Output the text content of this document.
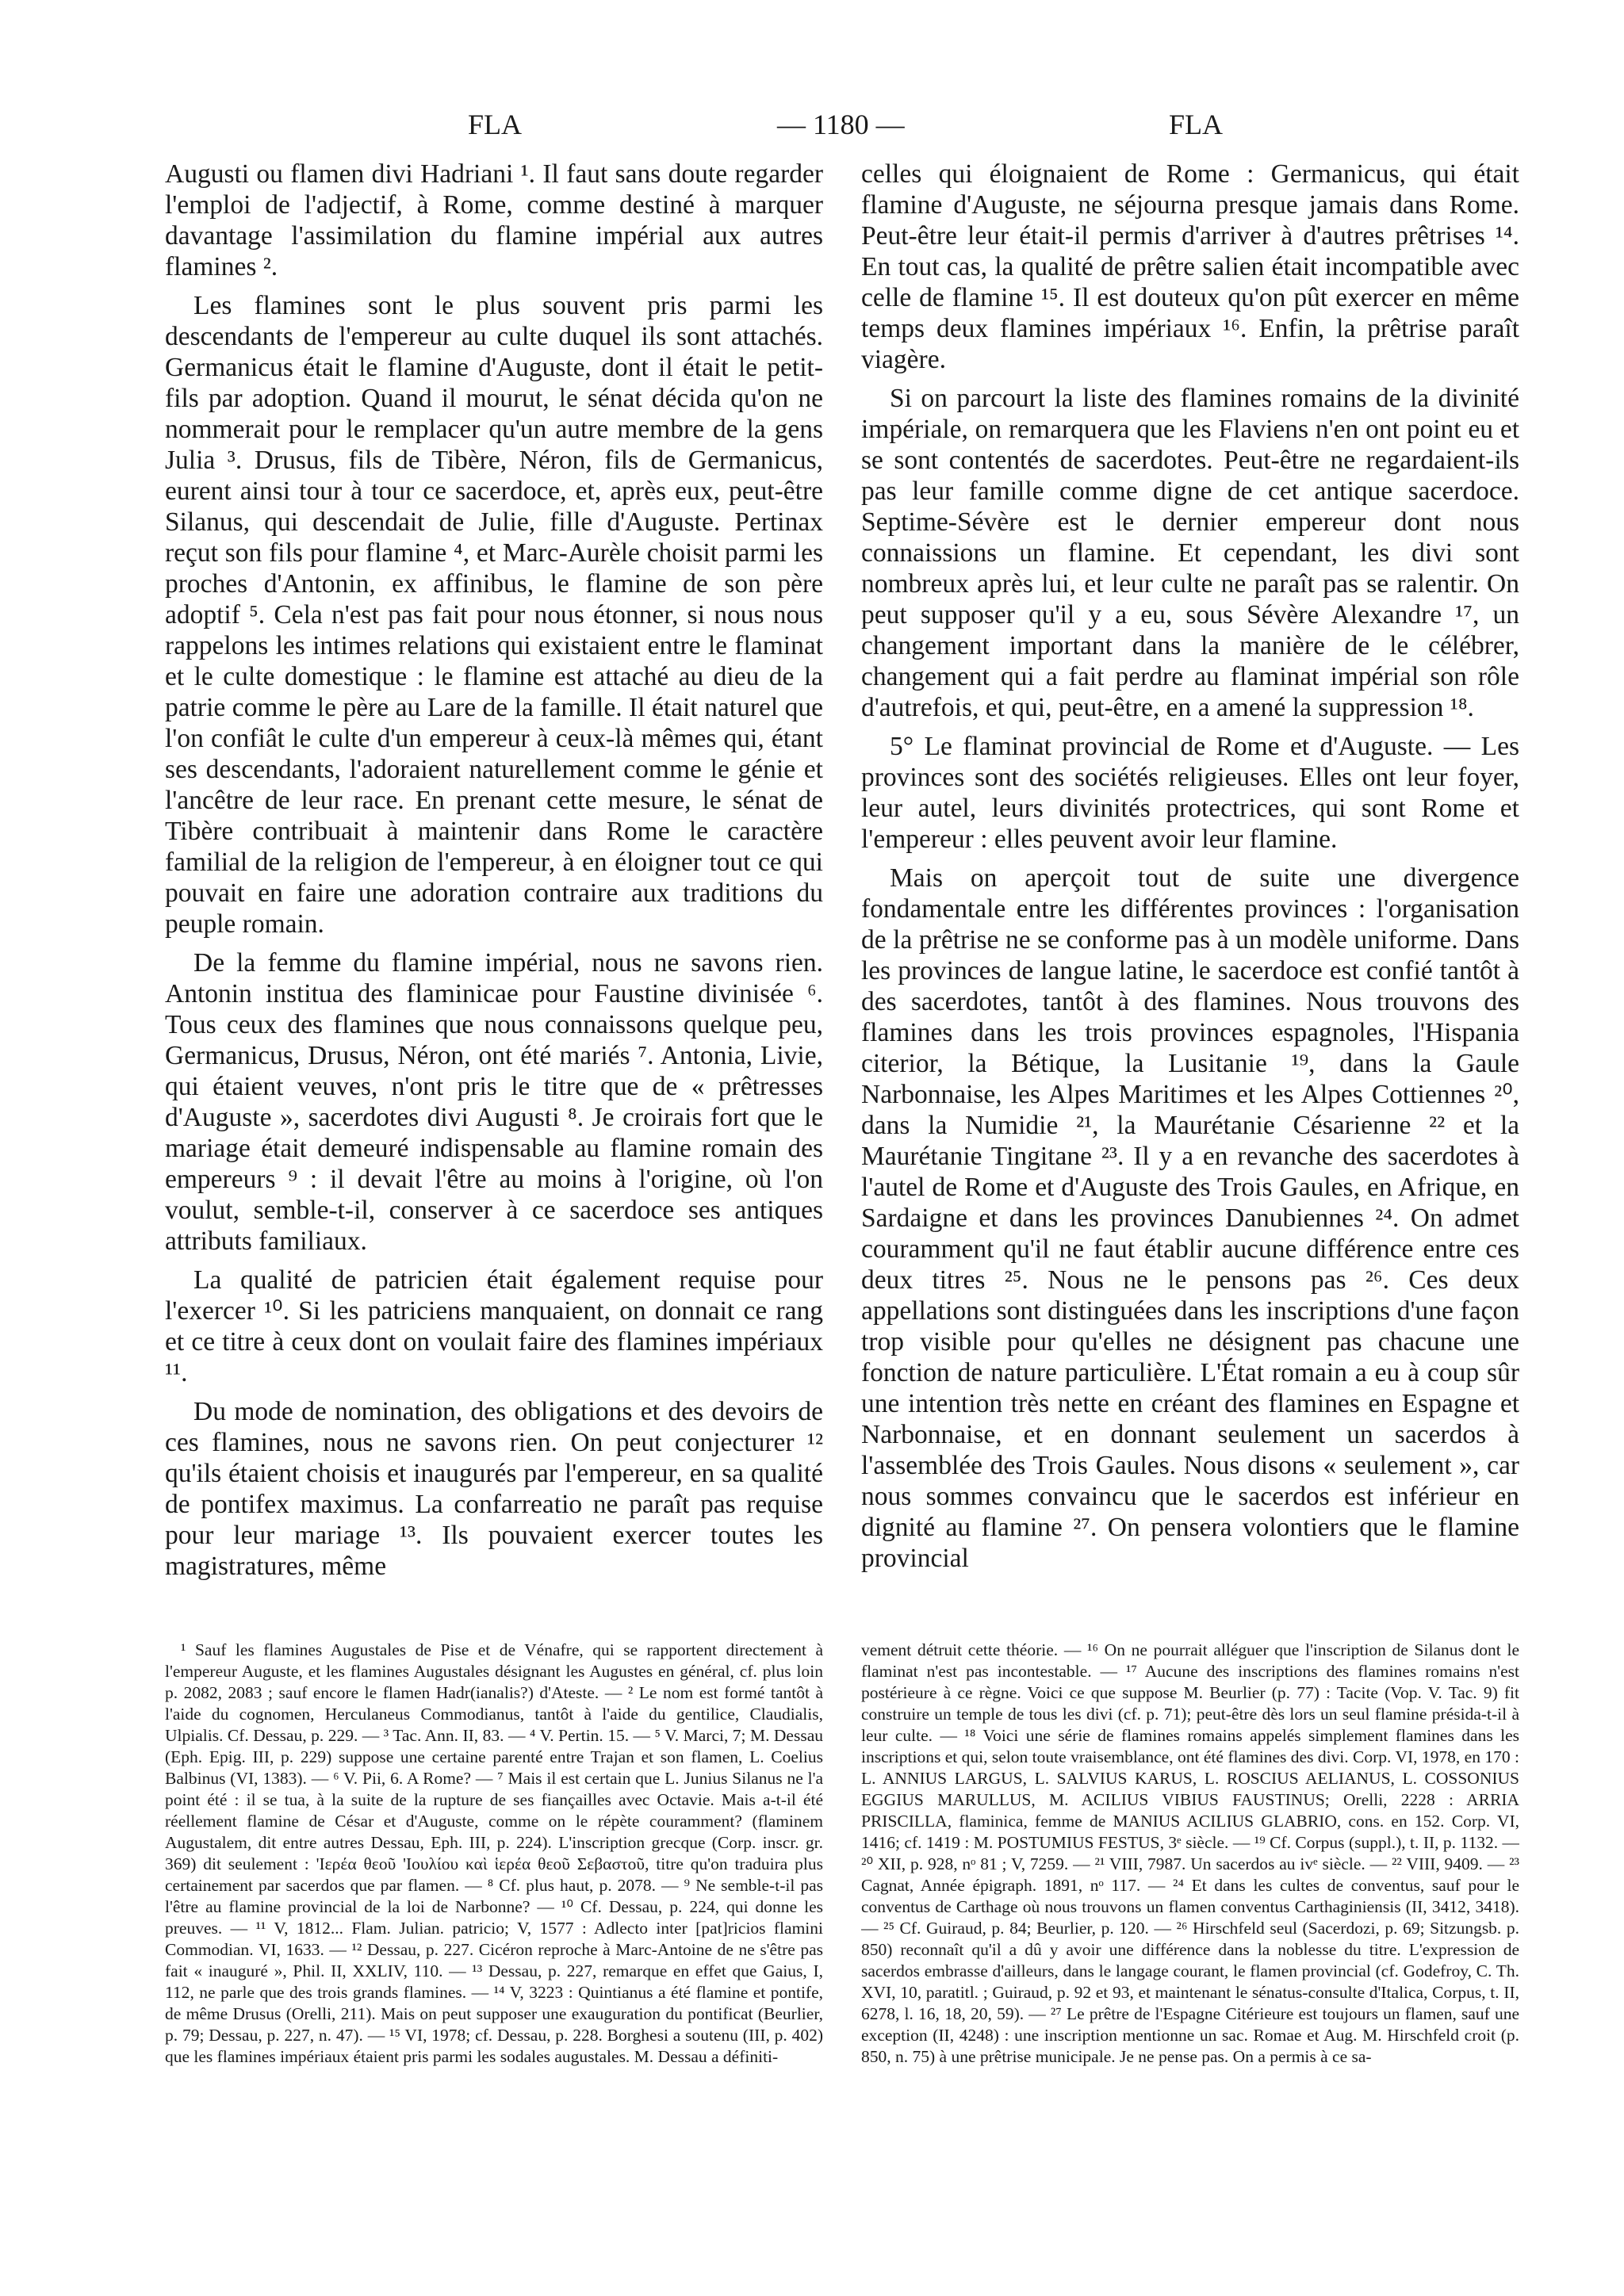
FLA	— 1180 —	FLA

Augusti ou flamen divi Hadriani ¹. Il faut sans doute regarder l'emploi de l'adjectif, à Rome, comme destiné à marquer davantage l'assimilation du flamine impérial aux autres flamines ².

Les flamines sont le plus souvent pris parmi les descendants de l'empereur au culte duquel ils sont attachés. Germanicus était le flamine d'Auguste, dont il était le petit-fils par adoption. Quand il mourut, le sénat décida qu'on ne nommerait pour le remplacer qu'un autre membre de la gens Julia ³. Drusus, fils de Tibère, Néron, fils de Germanicus, eurent ainsi tour à tour ce sacerdoce, et, après eux, peut-être Silanus, qui descendait de Julie, fille d'Auguste. Pertinax reçut son fils pour flamine ⁴, et Marc-Aurèle choisit parmi les proches d'Antonin, ex affinibus, le flamine de son père adoptif ⁵. Cela n'est pas fait pour nous étonner, si nous nous rappelons les intimes relations qui existaient entre le flaminat et le culte domestique : le flamine est attaché au dieu de la patrie comme le père au Lare de la famille. Il était naturel que l'on confiât le culte d'un empereur à ceux-là mêmes qui, étant ses descendants, l'adoraient naturellement comme le génie et l'ancêtre de leur race. En prenant cette mesure, le sénat de Tibère contribuait à maintenir dans Rome le caractère familial de la religion de l'empereur, à en éloigner tout ce qui pouvait en faire une adoration contraire aux traditions du peuple romain.

De la femme du flamine impérial, nous ne savons rien. Antonin institua des flaminicae pour Faustine divinisée ⁶. Tous ceux des flamines que nous connaissons quelque peu, Germanicus, Drusus, Néron, ont été mariés ⁷. Antonia, Livie, qui étaient veuves, n'ont pris le titre que de « prêtresses d'Auguste », sacerdotes divi Augusti ⁸. Je croirais fort que le mariage était demeuré indispensable au flamine romain des empereurs ⁹ : il devait l'être au moins à l'origine, où l'on voulut, semble-t-il, conserver à ce sacerdoce ses antiques attributs familiaux.

La qualité de patricien était également requise pour l'exercer ¹⁰. Si les patriciens manquaient, on donnait ce rang et ce titre à ceux dont on voulait faire des flamines impériaux ¹¹.

Du mode de nomination, des obligations et des devoirs de ces flamines, nous ne savons rien. On peut conjecturer ¹² qu'ils étaient choisis et inaugurés par l'empereur, en sa qualité de pontifex maximus. La confarreatio ne paraît pas requise pour leur mariage ¹³. Ils pouvaient exercer toutes les magistratures, même

celles qui éloignaient de Rome : Germanicus, qui était flamine d'Auguste, ne séjourna presque jamais dans Rome. Peut-être leur était-il permis d'arriver à d'autres prêtrises ¹⁴. En tout cas, la qualité de prêtre salien était incompatible avec celle de flamine ¹⁵. Il est douteux qu'on pût exercer en même temps deux flamines impériaux ¹⁶. Enfin, la prêtrise paraît viagère.

Si on parcourt la liste des flamines romains de la divinité impériale, on remarquera que les Flaviens n'en ont point eu et se sont contentés de sacerdotes. Peut-être ne regardaient-ils pas leur famille comme digne de cet antique sacerdoce. Septime-Sévère est le dernier empereur dont nous connaissions un flamine. Et cependant, les divi sont nombreux après lui, et leur culte ne paraît pas se ralentir. On peut supposer qu'il y a eu, sous Sévère Alexandre ¹⁷, un changement important dans la manière de le célébrer, changement qui a fait perdre au flaminat impérial son rôle d'autrefois, et qui, peut-être, en a amené la suppression ¹⁸.

5° Le flaminat provincial de Rome et d'Auguste. — Les provinces sont des sociétés religieuses. Elles ont leur foyer, leur autel, leurs divinités protectrices, qui sont Rome et l'empereur : elles peuvent avoir leur flamine.

Mais on aperçoit tout de suite une divergence fondamentale entre les différentes provinces : l'organisation de la prêtrise ne se conforme pas à un modèle uniforme. Dans les provinces de langue latine, le sacerdoce est confié tantôt à des sacerdotes, tantôt à des flamines. Nous trouvons des flamines dans les trois provinces espagnoles, l'Hispania citerior, la Bétique, la Lusitanie ¹⁹, dans la Gaule Narbonnaise, les Alpes Maritimes et les Alpes Cottiennes ²⁰, dans la Numidie ²¹, la Maurétanie Césarienne ²² et la Maurétanie Tingitane ²³. Il y a en revanche des sacerdotes à l'autel de Rome et d'Auguste des Trois Gaules, en Afrique, en Sardaigne et dans les provinces Danubiennes ²⁴. On admet couramment qu'il ne faut établir aucune différence entre ces deux titres ²⁵. Nous ne le pensons pas ²⁶. Ces deux appellations sont distinguées dans les inscriptions d'une façon trop visible pour qu'elles ne désignent pas chacune une fonction de nature particulière. L'État romain a eu à coup sûr une intention très nette en créant des flamines en Espagne et Narbonnaise, et en donnant seulement un sacerdos à l'assemblée des Trois Gaules. Nous disons « seulement », car nous sommes convaincu que le sacerdos est inférieur en dignité au flamine ²⁷. On pensera volontiers que le flamine provincial

¹ Sauf les flamines Augustales de Pise et de Vénafre, qui se rapportent directement à l'empereur Auguste, et les flamines Augustales désignant les Augustes en général, cf. plus loin p. 2082, 2083 ; sauf encore le flamen Hadr(ianalis?) d'Ateste. — ² Le nom est formé tantôt à l'aide du cognomen, Herculaneus Commodianus, tantôt à l'aide du gentilice, Claudialis, Ulpialis. Cf. Dessau, p. 229. — ³ Tac. Ann. II, 83. — ⁴ V. Pertin. 15. — ⁵ V. Marci, 7; M. Dessau (Eph. Epig. III, p. 229) suppose une certaine parenté entre Trajan et son flamen, L. Coelius Balbinus (VI, 1383). — ⁶ V. Pii, 6. A Rome? — ⁷ Mais il est certain que L. Junius Silanus ne l'a point été : il se tua, à la suite de la rupture de ses fiançailles avec Octavie. Mais a-t-il été réellement flamine de César et d'Auguste, comme on le répète couramment? (flaminem Augustalem, dit entre autres Dessau, Eph. III, p. 224). L'inscription grecque (Corp. inscr. gr. 369) dit seulement : 'Ιερέα θεοῦ 'Ιουλίου καὶ ἱερέα θεοῦ Σεβαστοῦ, titre qu'on traduira plus certainement par sacerdos que par flamen. — ⁸ Cf. plus haut, p. 2078. — ⁹ Ne semble-t-il pas l'être au flamine provincial de la loi de Narbonne? — ¹⁰ Cf. Dessau, p. 224, qui donne les preuves. — ¹¹ V, 1812... Flam. Julian. patricio; V, 1577 : Adlecto inter [pat]ricios flamini Commodian. VI, 1633. — ¹² Dessau, p. 227. Cicéron reproche à Marc-Antoine de ne s'être pas fait « inauguré », Phil. II, XXLIV, 110. — ¹³ Dessau, p. 227, remarque en effet que Gaius, I, 112, ne parle que des trois grands flamines. — ¹⁴ V, 3223 : Quintianus a été flamine et pontife, de même Drusus (Orelli, 211). Mais on peut supposer une exauguration du pontificat (Beurlier, p. 79; Dessau, p. 227, n. 47). — ¹⁵ VI, 1978; cf. Dessau, p. 228. Borghesi a soutenu (III, p. 402) que les flamines impériaux étaient pris parmi les sodales augustales. M. Dessau a définiti-

vement détruit cette théorie. — ¹⁶ On ne pourrait alléguer que l'inscription de Silanus dont le flaminat n'est pas incontestable. — ¹⁷ Aucune des inscriptions des flamines romains n'est postérieure à ce règne. Voici ce que suppose M. Beurlier (p. 77) : Tacite (Vop. V. Tac. 9) fit construire un temple de tous les divi (cf. p. 71); peut-être dès lors un seul flamine présida-t-il à leur culte. — ¹⁸ Voici une série de flamines romains appelés simplement flamines dans les inscriptions et qui, selon toute vraisemblance, ont été flamines des divi. Corp. VI, 1978, en 170 : L. ANNIUS LARGUS, L. SALVIUS KARUS, L. ROSCIUS AELIANUS, L. COSSONIUS EGGIUS MARULLUS, M. ACILIUS VIBIUS FAUSTINUS; Orelli, 2228 : ARRIA PRISCILLA, flaminica, femme de MANIUS ACILIUS GLABRIO, cons. en 152. Corp. VI, 1416; cf. 1419 : M. POSTUMIUS FESTUS, 3ᵉ siècle. — ¹⁹ Cf. Corpus (suppl.), t. II, p. 1132. — ²⁰ XII, p. 928, nᵒ 81 ; V, 7259. — ²¹ VIII, 7987. Un sacerdos au ivᵉ siècle. — ²² VIII, 9409. — ²³ Cagnat, Année épigraph. 1891, nᵒ 117. — ²⁴ Et dans les cultes de conventus, sauf pour le conventus de Carthage où nous trouvons un flamen conventus Carthaginiensis (II, 3412, 3418). — ²⁵ Cf. Guiraud, p. 84; Beurlier, p. 120. — ²⁶ Hirschfeld seul (Sacerdozi, p. 69; Sitzungsb. p. 850) reconnaît qu'il a dû y avoir une différence dans la noblesse du titre. L'expression de sacerdos embrasse d'ailleurs, dans le langage courant, le flamen provincial (cf. Godefroy, C. Th. XVI, 10, paratitl. ; Guiraud, p. 92 et 93, et maintenant le sénatus-consulte d'Italica, Corpus, t. II, 6278, l. 16, 18, 20, 59). — ²⁷ Le prêtre de l'Espagne Citérieure est toujours un flamen, sauf une exception (II, 4248) : une inscription mentionne un sac. Romae et Aug. M. Hirschfeld croit (p. 850, n. 75) à une prêtrise municipale. Je ne pense pas. On a permis à ce sa-
